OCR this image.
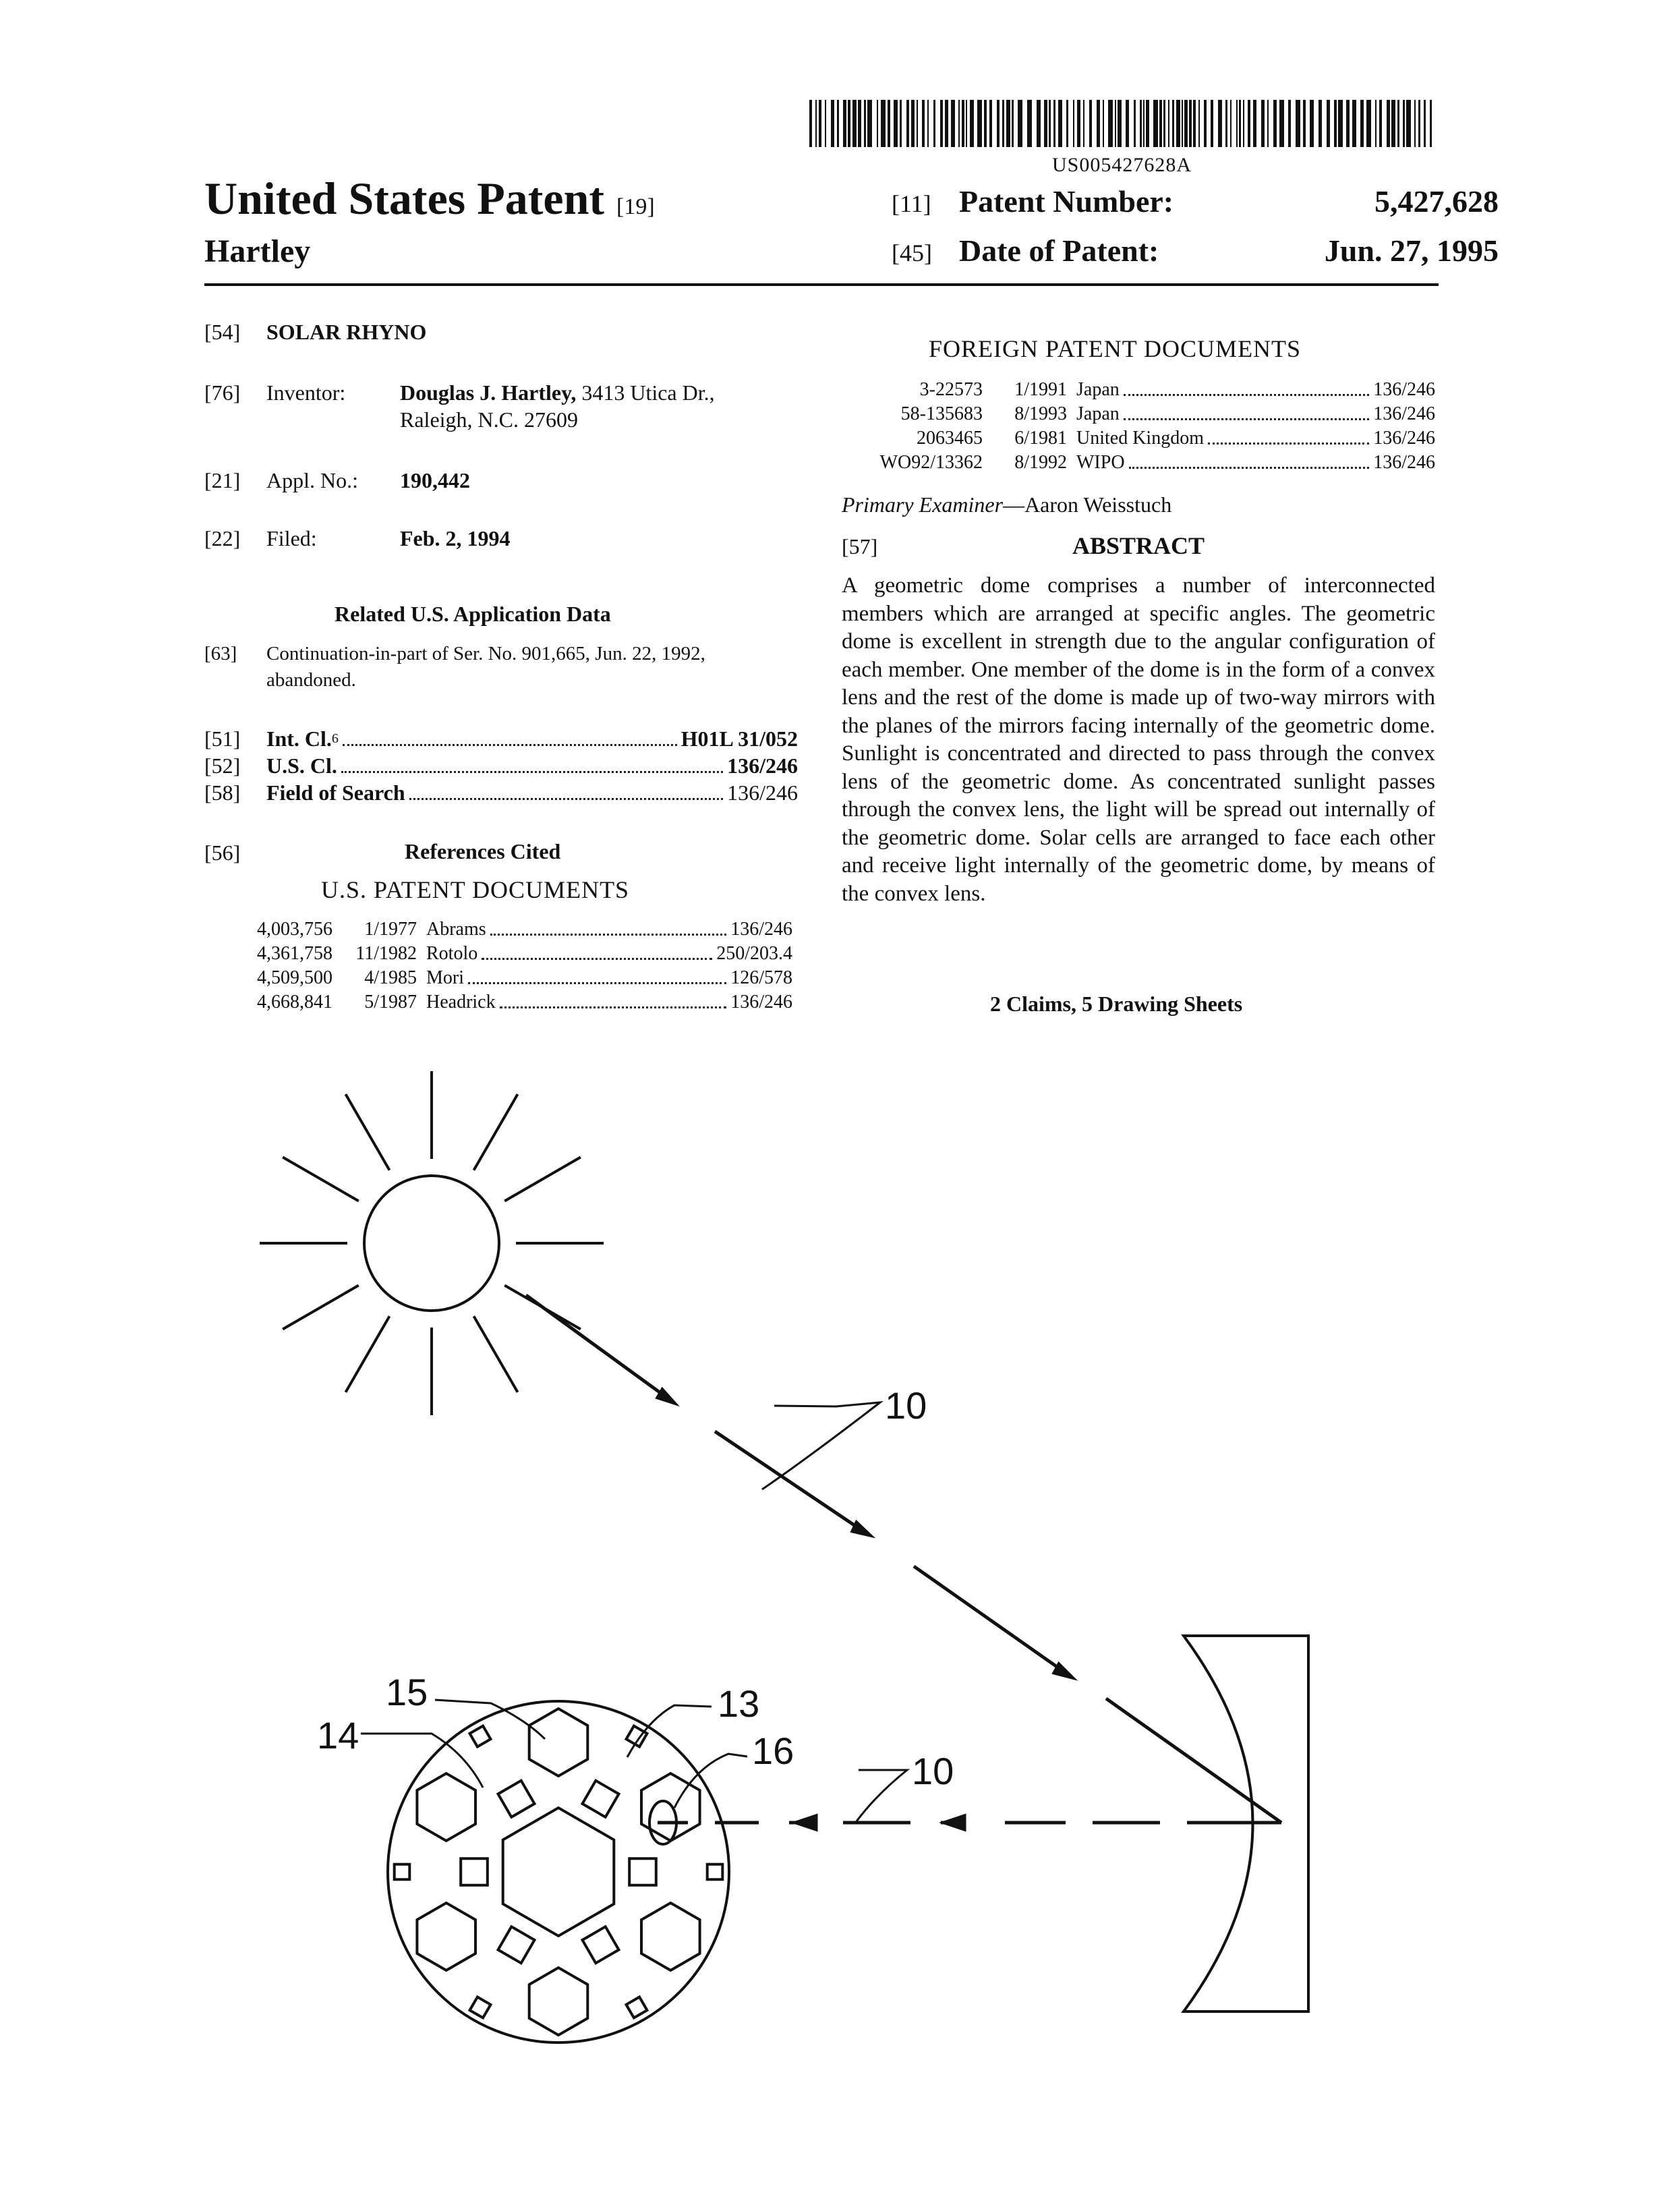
US005427628A
United States Patent [19]
Hartley
[11] Patent Number:	5,427,628
[45] Date of Patent:	Jun. 27, 1995
[54] SOLAR RHYNO
[76] Inventor:	Douglas J. Hartley, 3413 Utica Dr.,
Raleigh, N.C. 27609
[21] Appl. No.: 190,442
[22] Filed:	Feb. 2, 1994
Related U.S. Application Data
[63] Continuation-in-part of Ser. No. 901,665, Jun. 22, 1992,
abandoned.
[51]	Int. Cl. 6	H01L 31/052
[52]	U.S. Cl.	136/246
[58]	Field of Search	136/246
[56]	References Cited
U.S. PATENT DOCUMENTS
4,003,756	1/1977 Abrams	136/246
4,361,758	11/1982 Rotolo	250/203.4
4,509,500	4/1985 Mori	126/578
4,668,841	5/1987 Headrick	136/246
FOREIGN PATENT DOCUMENTS
3-22573	1/1991 Japan	136/246
58-135683	8/1993 Japan	136/246
2063465	6/1981 United Kingdom	136/246
WO92/13362	8/1992 WIPO	136/246
Primary Examiner—Aaron Weisstuch
[57]	ABSTRACT
A geometric dome comprises a number of interconnected members which are arranged at specific angles. The geometric dome is excellent in strength due to the angular configuration of each member. One member of the dome is in the form of a convex lens and the rest of the dome is made up of two-way mirrors with the planes of the mirrors facing internally of the geometric dome. Sunlight is concentrated and directed to pass through the convex lens of the geometric dome. As concentrated sunlight passes through the convex lens, the light will be spread out internally of the geometric dome. Solar cells are arranged to face each other and receive light internally of the geometric dome, by means of the convex lens.
2 Claims, 5 Drawing Sheets
10
10
13
16
15
14
